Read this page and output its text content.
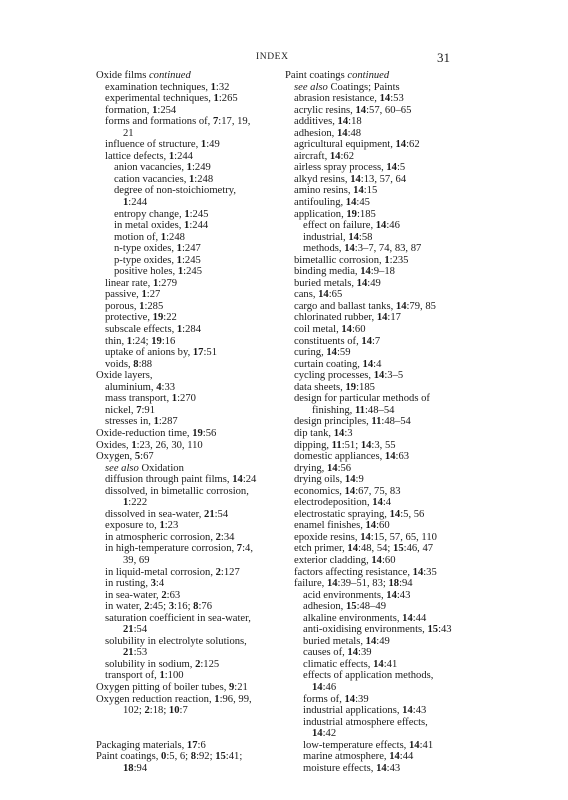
INDEX	31
Oxide films continued
examination techniques, 1:32
experimental techniques, 1:265
formation, 1:254
forms and formations of, 7:17, 19,
21
influence of structure, 1:49
lattice defects, 1:244
anion vacancies, 1:249
cation vacancies, 1:248
degree of non-stoichiometry,
1:244
entropy change, 1:245
in metal oxides, 1:244
motion of, 1:248
n-type oxides, 1:247
p-type oxides, 1:245
positive holes, 1:245
linear rate, 1:279
passive, 1:27
porous, 1:285
protective, 19:22
subscale effects, 1:284
thin, 1:24; 19:16
uptake of anions by, 17:51
voids, 8:88
Oxide layers,
aluminium, 4:33
mass transport, 1:270
nickel, 7:91
stresses in, 1:287
Oxide-reduction time, 19:56
Oxides, 1:23, 26, 30, 110
Oxygen, 5:67
see also Oxidation
diffusion through paint films, 14:24
dissolved, in bimetallic corrosion,
1:222
dissolved in sea-water, 21:54
exposure to, 1:23
in atmospheric corrosion, 2:34
in high-temperature corrosion, 7:4,
39, 69
in liquid-metal corrosion, 2:127
in rusting, 3:4
in sea-water, 2:63
in water, 2:45; 3:16; 8:76
saturation coefficient in sea-water,
21:54
solubility in electrolyte solutions,
21:53
solubility in sodium, 2:125
transport of, 1:100
Oxygen pitting of boiler tubes, 9:21
Oxygen reduction reaction, 1:96, 99,
102; 2:18; 10:7
Packaging materials, 17:6
Paint coatings, 0:5, 6; 8:92; 15:41;
18:94
Paint coatings continued
see also Coatings; Paints
abrasion resistance, 14:53
acrylic resins, 14:57, 60–65
additives, 14:18
adhesion, 14:48
agricultural equipment, 14:62
aircraft, 14:62
airless spray process, 14:5
alkyd resins, 14:13, 57, 64
amino resins, 14:15
antifouling, 14:45
application, 19:185
effect on failure, 14:46
industrial, 14:58
methods, 14:3–7, 74, 83, 87
bimetallic corrosion, 1:235
binding media, 14:9–18
buried metals, 14:49
cans, 14:65
cargo and ballast tanks, 14:79, 85
chlorinated rubber, 14:17
coil metal, 14:60
constituents of, 14:7
curing, 14:59
curtain coating, 14:4
cycling processes, 14:3–5
data sheets, 19:185
design for particular methods of
finishing, 11:48–54
design principles, 11:48–54
dip tank, 14:3
dipping, 11:51; 14:3, 55
domestic appliances, 14:63
drying, 14:56
drying oils, 14:9
economics, 14:67, 75, 83
electrodeposition, 14:4
electrostatic spraying, 14:5, 56
enamel finishes, 14:60
epoxide resins, 14:15, 57, 65, 110
etch primer, 14:48, 54; 15:46, 47
exterior cladding, 14:60
factors affecting resistance, 14:35
failure, 14:39–51, 83; 18:94
acid environments, 14:43
adhesion, 15:48–49
alkaline environments, 14:44
anti-oxidising environments, 15:43
buried metals, 14:49
causes of, 14:39
climatic effects, 14:41
effects of application methods,
14:46
forms of, 14:39
industrial applications, 14:43
industrial atmosphere effects,
14:42
low-temperature effects, 14:41
marine atmosphere, 14:44
moisture effects, 14:43
